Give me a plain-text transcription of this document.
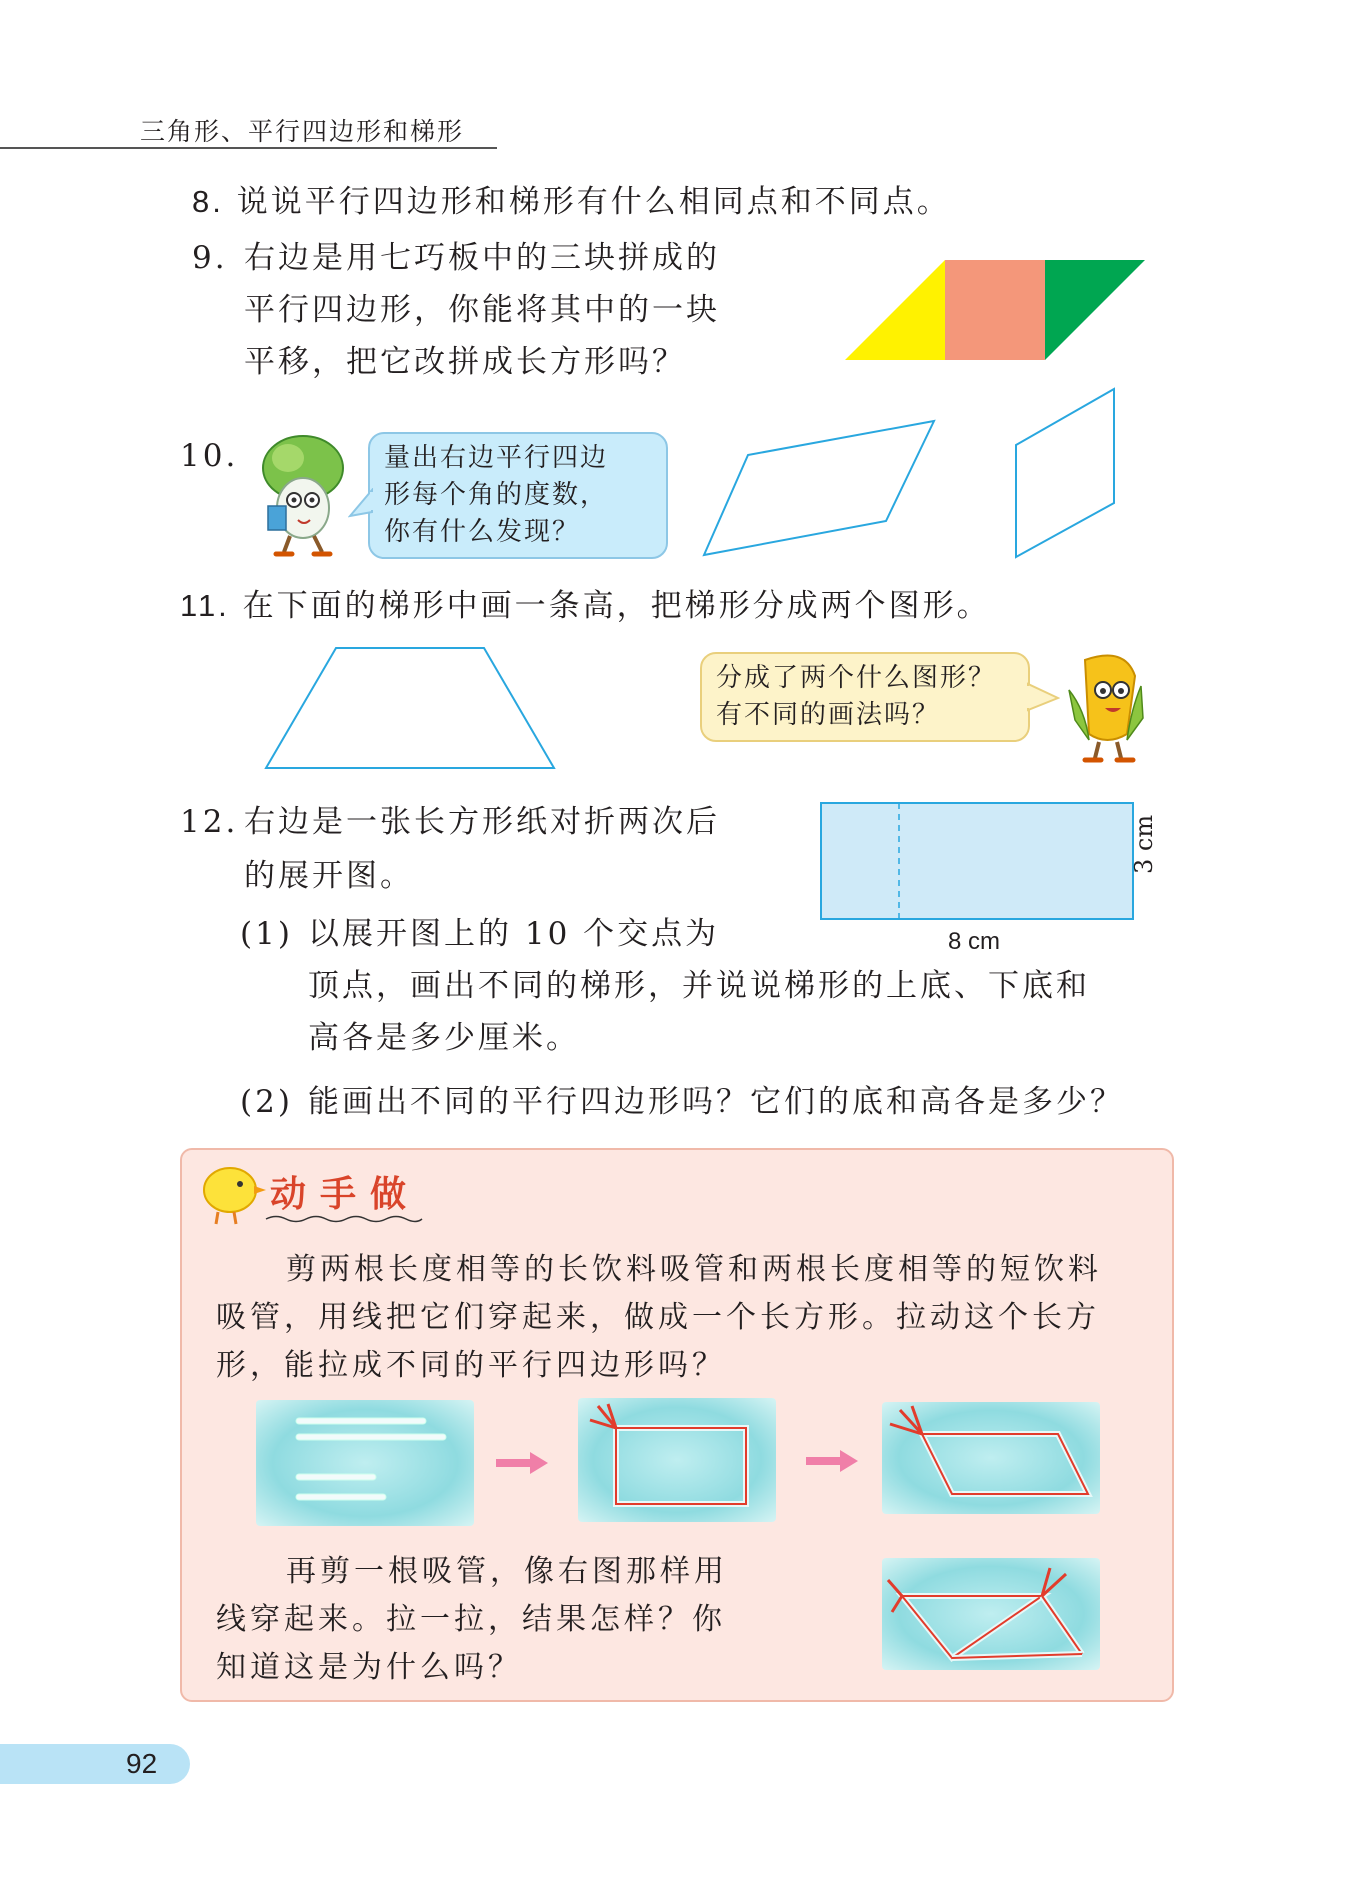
三角形、平行四边形和梯形
8. 说说平行四边形和梯形有什么相同点和不同点。
9. 右边是用七巧板中的三块拼成的
平行四边形，你能将其中的一块
平移，把它改拼成长方形吗？
10.	量出右边平行四边
形每个角的度数，
你有什么发现？
11. 在下面的梯形中画一条高，把梯形分成两个图形。
分成了两个什么图形？
有不同的画法吗？
12. 右边是一张长方形纸对折两次后
的展开图。
(1) 以展开图上的 10 个交点为
顶点，画出不同的梯形，并说说梯形的上底、下底和
高各是多少厘米。
(2) 能画出不同的平行四边形吗？它们的底和高各是多少？
8 cm
3 cm
动手做
剪两根长度相等的长饮料吸管和两根长度相等的短饮料
吸管，用线把它们穿起来，做成一个长方形。拉动这个长方
形，能拉成不同的平行四边形吗？
再剪一根吸管，像右图那样用
线穿起来。拉一拉，结果怎样？你
知道这是为什么吗？
92
